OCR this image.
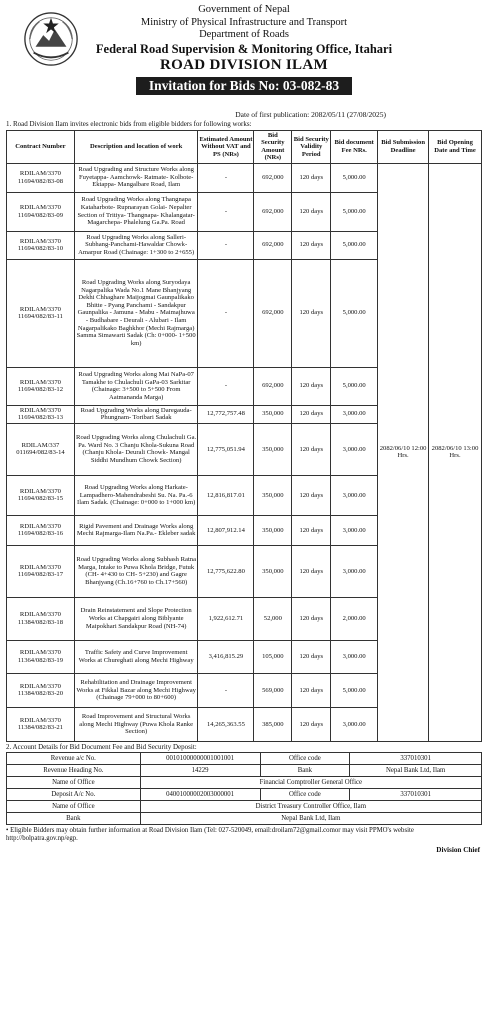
Government of Nepal
Ministry of Physical Infrastructure and Transport
Department of Roads
Federal Road Supervision & Monitoring Office, Itahari
ROAD DIVISION ILAM
Invitation for Bids No: 03-082-83
Date of first publication: 2082/05/11 (27/08/2025)
1. Road Division Ilam invites electronic bids from eligible bidders for following works:
Contract Number	Description and location of work	Estimated Amount Without VAT and PS (NRs)	Bid Security Amount (NRs)	Bid Security Validity Period	Bid document Fee NRs.	Bid Submission Deadline	Bid Opening Date and Time
RDILAM/3370 11694/082/83-08	Road Upgrading and Structure Works along Fuyetappa- Aamchowk- Ratmate- Kolbote- Ektappa- Mangalbare Road, Ilam	-	692,000	120 days	5,000.00	2082/06/10 12:00 Hrs.	2082/06/10 13:00 Hrs.
RDILAM/3370 11694/082/83-09	Road Upgrading Works along Thangnapa Kataharbote- Rupnarayan Golai- Nepalter Section of Tritiya- Thangnapa- Khalangatar-Magarchepa- Phalelung Ga.Pa. Road	-	692,000	120 days	5,000.00		
RDILAM/3370 11694/082/83-10	Road Upgrading Works along Salleri-Subhang-Panchami-Hawaldar Chowk-Amarpur Road (Chainage: 1+300 to 2+655)	-	692,000	120 days	5,000.00		
RDILAM/3370 11694/082/83-11	Road Upgrading Works along Suryodaya Nagarpalika Wada No.1 Mane Bhanjyang Dekhi Chhaghare Maijogmai Gaunpalikako Bhitte - Pyang Panchami - Sandakpur Gaunpalika - Jamuna - Mabu - Maimajhuwa - Budhabare - Deurali - Alubari - Ilam Nagarpalikako Baghkhor (Mechi Rajmarga) Samma Simawarti Sadak (Ch: 0+000- 1+500 km)	-	692,000	120 days	5,000.00		
RDILAM/3370 11694/082/83-12	Road Upgrading Works along Mai NaPa-07 Tamakhe to Chulachuli GaPa-03 Sarkitar (Chainage: 3+500 to 5+500 From Aatmananda Marga)	-	692,000	120 days	5,000.00		
RDILAM/3370 11694/082/83-13	Road Upgrading Works along Daregauda- Phungnam- Toribari Sadak	12,772,757.48	350,000	120 days	3,000.00		
RDILAM/337 011694/082/83-14	Road Upgrading Works along Chulachuli Ga. Pa. Ward No. 3 Chanju Khola-Sukuna Road (Chanju Khola- Deurali Chowk- Mangal Siddhi Mundhum Chowk Section)	12,775,051.94	350,000	120 days	3,000.00		
RDILAM/3370 11694/082/83-15	Road Upgrading Works along Harkate-Lampadhero-Mahendrabeshi Su. Na. Pa.-6 Ilam Sadak. (Chainage: 0+000 to 1+000 km)	12,816,817.01	350,000	120 days	3,000.00		
RDILAM/3370 11694/082/83-16	Rigid Pavement and Drainage Works along Mechi Rajmarga-Ilam Na.Pa.- Ekleber sadak	12,807,912.14	350,000	120 days	3,000.00		
RDILAM/3370 11694/082/83-17	Road Upgrading Works along Subhash Ratna Marga, Intake to Puwa Khola Bridge, Futuk (CH- 4+430 to CH- 5+230) and Gagre Bhanjyang (Ch.16+760 to Ch.17+560)	12,775,622.80	350,000	120 days	3,000.00		
RDILAM/3370 11384/082/83-18	Drain Reinstatement and Slope Protection Works at Chapgairi along Biblyante Maipokhari Sandakpur Road (NH-74)	1,922,612.71	52,000	120 days	2,000.00		
RDILAM/3370 11364/082/83-19	Traffic Safety and Curve Improvement Works at Chureghati along Mechi Highway	3,416,815.29	105,000	120 days	3,000.00		
RDILAM/3370 11384/082/83-20	Rehabilitation and Drainage Improvement Works at Fikkal Bazar along Mechi Highway (Chainage 79+000 to 80+600)	-	569,000	120 days	5,000.00		
RDILAM/3370 11384/082/83-21	Road Improvement and Structural Works along Mechi Highway (Puwa Khola Ranke Section)	14,265,363.55	385,000	120 days	3,000.00		
2. Account Details for Bid Document Fee and Bid Security Deposit:
Revenue a/c No.	00101000000001001001	Office code	337010301
Revenue Heading No.	14229	Bank	Nepal Bank Ltd, Ilam
Name of Office	Financial Comptroller General Office		
Deposit A/c No.	04001000002003000001	Office code	337010301
Name of Office	District Treasury Controller Office, Ilam		
Bank	Nepal Bank Ltd, Ilam		
• Eligible Bidders may obtain further information at Road Division Ilam (Tel: 027-520049, email:droilam72@gmail.comor may visit PPMO's website http://bolpatra.gov.np/egp.
Division Chief
